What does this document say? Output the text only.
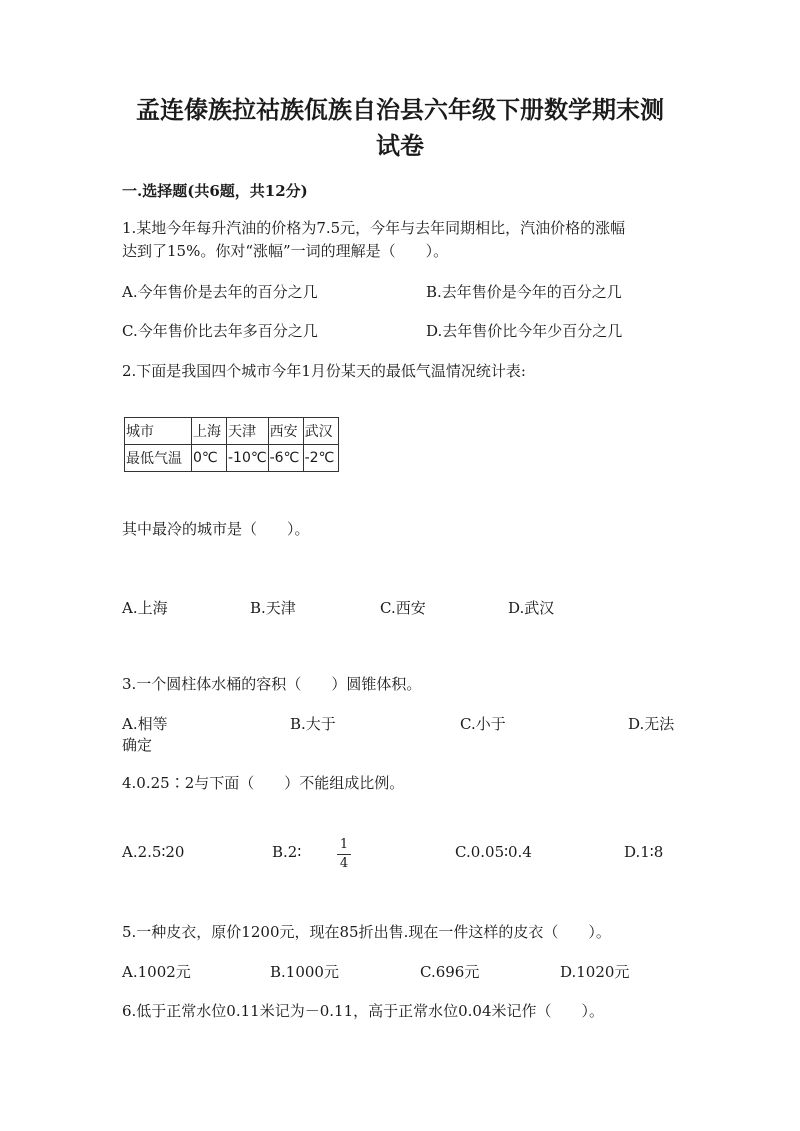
孟连傣族拉祜族佤族自治县六年级下册数学期末测
试卷
一.选择题(共6题，共12分)
1.某地今年每升汽油的价格为7.5元，今年与去年同期相比，汽油价格的涨幅
达到了15%。你对“涨幅”一词的理解是（　　）。
A.今年售价是去年的百分之几	B.去年售价是今年的百分之几
C.今年售价比去年多百分之几	D.去年售价比今年少百分之几
2.下面是我国四个城市今年1月份某天的最低气温情况统计表:
城市	上海	天津	西安	武汉
最低气温	0℃	-10℃	-6℃	-2℃
其中最冷的城市是（　　）。
A.上海	B.天津	C.西安	D.武汉
3.一个圆柱体水桶的容积（　　）圆锥体积。
A.相等	B.大于	C.小于	D.无法
确定
4.0.25∶2与下面（　　）不能组成比例。
A.2.5∶20	B.2∶	1
4
C.0.05∶0.4	D.1∶8
5.一种皮衣，原价1200元，现在85折出售.现在一件这样的皮衣（　　）。
A.1002元	B.1000元	C.696元	D.1020元
6.低于正常水位0.11米记为－0.11，高于正常水位0.04米记作（　　）。
